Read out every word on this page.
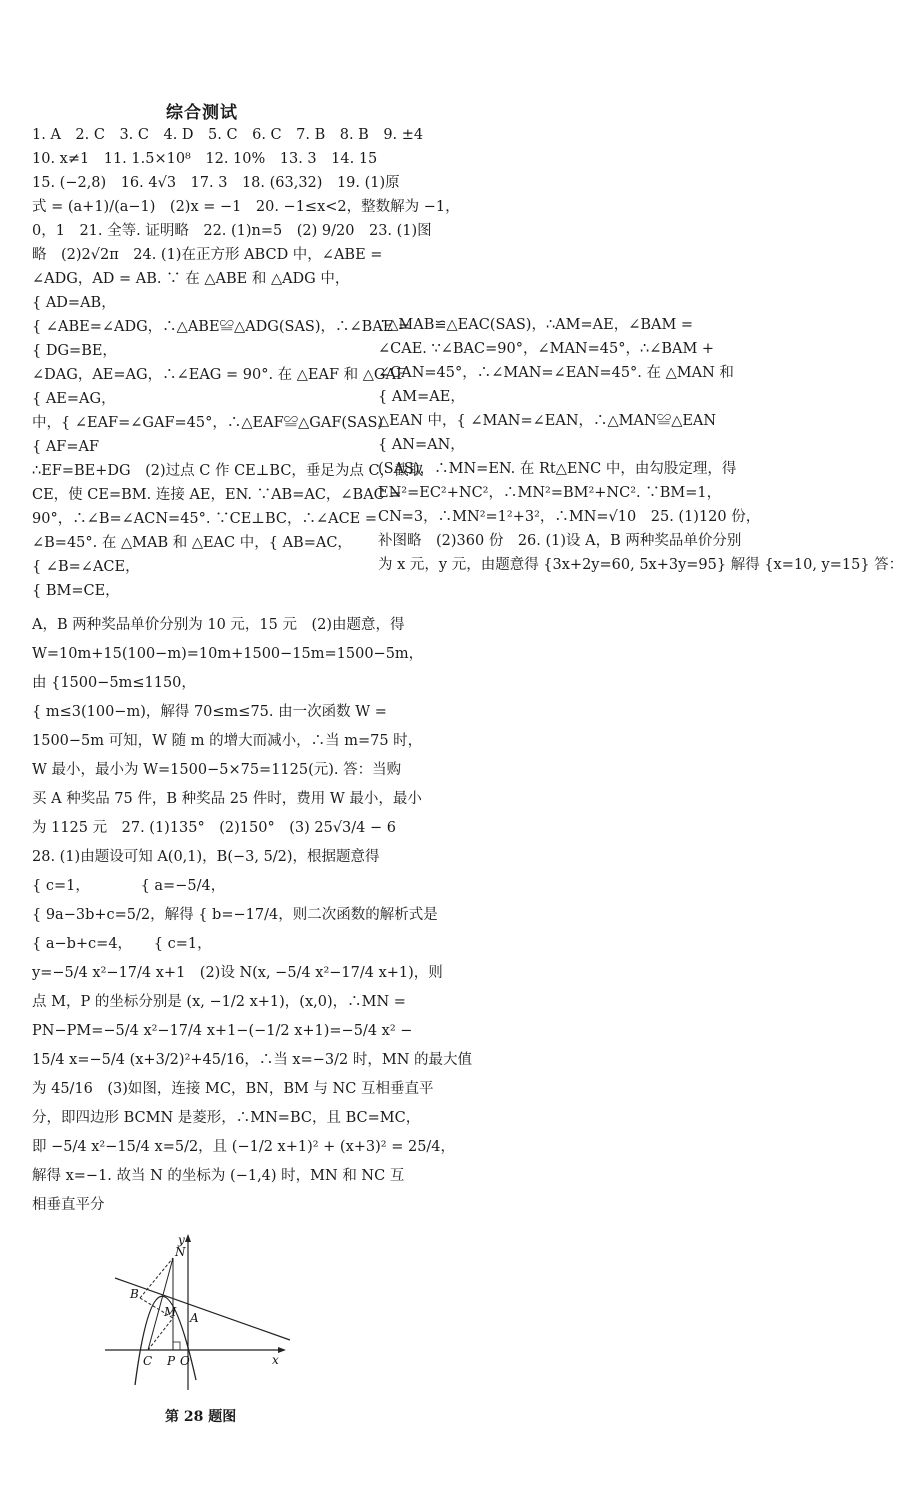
综合测试
1. A　2. C　3. C　4. D　5. C　6. C　7. B　8. B　9. ±4
10. x≠1　11. 1.5×10⁸　12. 10%　13. 3　14. 15
15. (−2,8)　16. 4√3　17. 3　18. (63,32)　19. (1)原
式 = (a+1)/(a−1)　(2)x = −1　20. −1≤x<2，整数解为 −1，
0，1　21. 全等. 证明略　22. (1)n=5　(2) 9/20　23. (1)图
略　(2)2√2π　24. (1)在正方形 ABCD 中，∠ABE =
∠ADG，AD = AB. ∵ 在 △ABE 和 △ADG 中，
{ AD=AB，
{ ∠ABE=∠ADG，∴△ABE≌△ADG(SAS)，∴∠BAE =
{ DG=BE，
∠DAG，AE=AG，∴∠EAG = 90°. 在 △EAF 和 △GAF
{ AE=AG，
中，{ ∠EAF=∠GAF=45°，∴△EAF≌△GAF(SAS)
{ AF=AF
∴EF=BE+DG　(2)过点 C 作 CE⊥BC，垂足为点 C，截取
CE，使 CE=BM. 连接 AE，EN. ∵AB=AC，∠BAC =
90°，∴∠B=∠ACN=45°. ∵CE⊥BC，∴∠ACE =
∠B=45°. 在 △MAB 和 △EAC 中，{ AB=AC，
{ ∠B=∠ACE，
{ BM=CE，
∴△MAB≌△EAC(SAS)，∴AM=AE，∠BAM =
∠CAE. ∵∠BAC=90°，∠MAN=45°，∴∠BAM +
∠CAN=45°，∴∠MAN=∠EAN=45°. 在 △MAN 和
{ AM=AE，
△EAN 中，{ ∠MAN=∠EAN，∴△MAN≌△EAN
{ AN=AN，
(SAS)，∴MN=EN. 在 Rt△ENC 中，由勾股定理，得
EN²=EC²+NC²，∴MN²=BM²+NC². ∵BM=1，
CN=3，∴MN²=1²+3²，∴MN=√10　25. (1)120 份，
补图略　(2)360 份　26. (1)设 A，B 两种奖品单价分别
为 x 元，y 元，由题意得 {3x+2y=60, 5x+3y=95} 解得 {x=10, y=15} 答：
A，B 两种奖品单价分别为 10 元，15 元　(2)由题意，得
W=10m+15(100−m)=10m+1500−15m=1500−5m，
由 {1500−5m≤1150，
{ m≤3(100−m)，解得 70≤m≤75. 由一次函数 W =
1500−5m 可知，W 随 m 的增大而减小，∴当 m=75 时，
W 最小，最小为 W=1500−5×75=1125(元). 答：当购
买 A 种奖品 75 件，B 种奖品 25 件时，费用 W 最小，最小
为 1125 元　27. (1)135°　(2)150°　(3) 25√3/4 − 6
28. (1)由题设可知 A(0,1)，B(−3, 5/2)，根据题意得
{ c=1，　　　　{ a=−5/4，
{ 9a−3b+c=5/2，解得 { b=−17/4，则二次函数的解析式是
{ a−b+c=4，　　{ c=1，
y=−5/4 x²−17/4 x+1　(2)设 N(x, −5/4 x²−17/4 x+1)，则
点 M，P 的坐标分别是 (x, −1/2 x+1)，(x,0)，∴MN =
PN−PM=−5/4 x²−17/4 x+1−(−1/2 x+1)=−5/4 x² −
15/4 x=−5/4 (x+3/2)²+45/16，∴当 x=−3/2 时，MN 的最大值
为 45/16　(3)如图，连接 MC，BN，BM 与 NC 互相垂直平
分，即四边形 BCMN 是菱形，∴MN=BC，且 BC=MC，
即 −5/4 x²−15/4 x=5/2，且 (−1/2 x+1)² + (x+3)² = 25/4，
解得 x=−1. 故当 N 的坐标为 (−1,4) 时，MN 和 NC 互
相垂直平分
y
N
B
M A
C P O	x
第 28 题图
